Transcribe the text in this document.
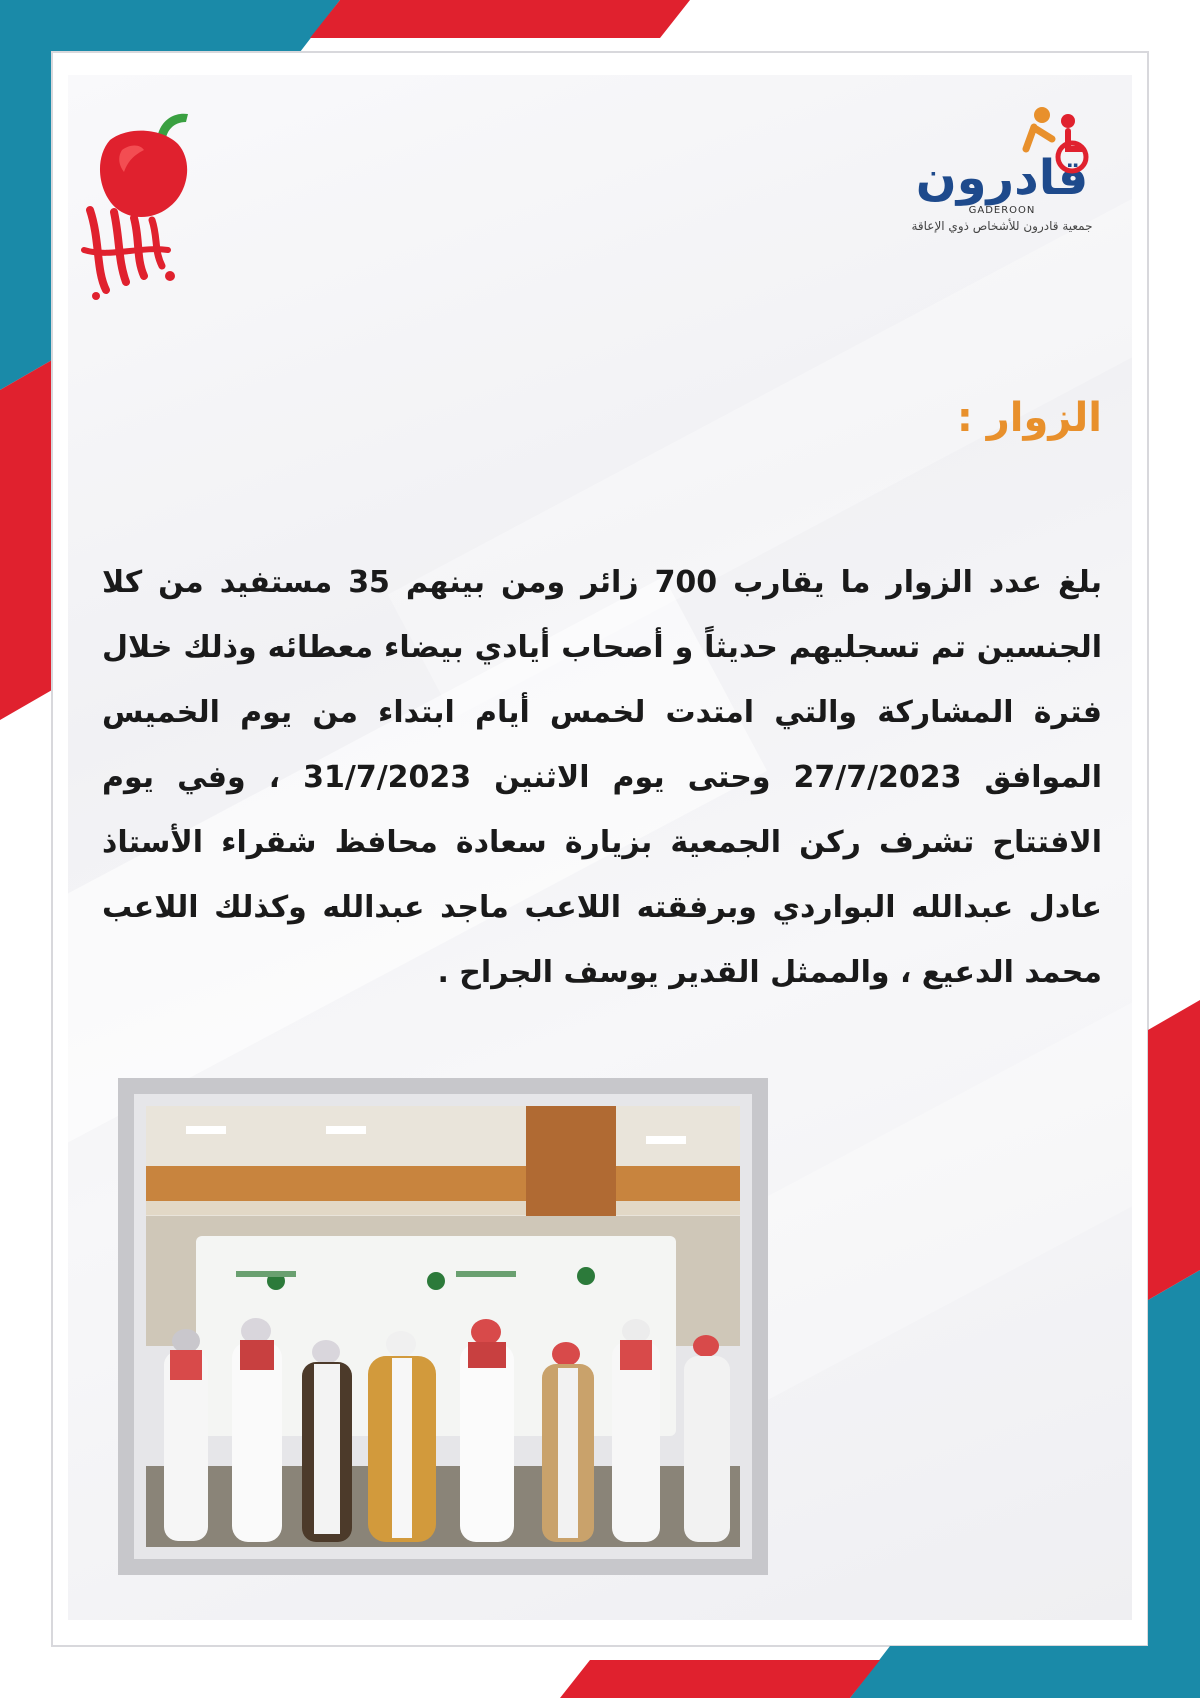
قادرون
GADEROON
جمعية قادرون للأشخاص ذوي الإعاقة
الزوار :

بلغ عدد الزوار ما يقارب 700 زائر ومن بينهم 35 مستفيد من كلا الجنسين تم تسجليهم حديثاً و أصحاب أيادي بيضاء معطائه وذلك خلال فترة المشاركة والتي امتدت لخمس أيام ابتداء من يوم الخميس الموافق 27/7/2023 وحتى يوم الاثنين 31/7/2023 ، وفي يوم الافتتاح تشرف ركن الجمعية بزيارة سعادة محافظ شقراء الأستاذ عادل عبدالله البواردي وبرفقته اللاعب ماجد عبدالله وكذلك اللاعب محمد الدعيع ، والممثل القدير يوسف الجراح .
